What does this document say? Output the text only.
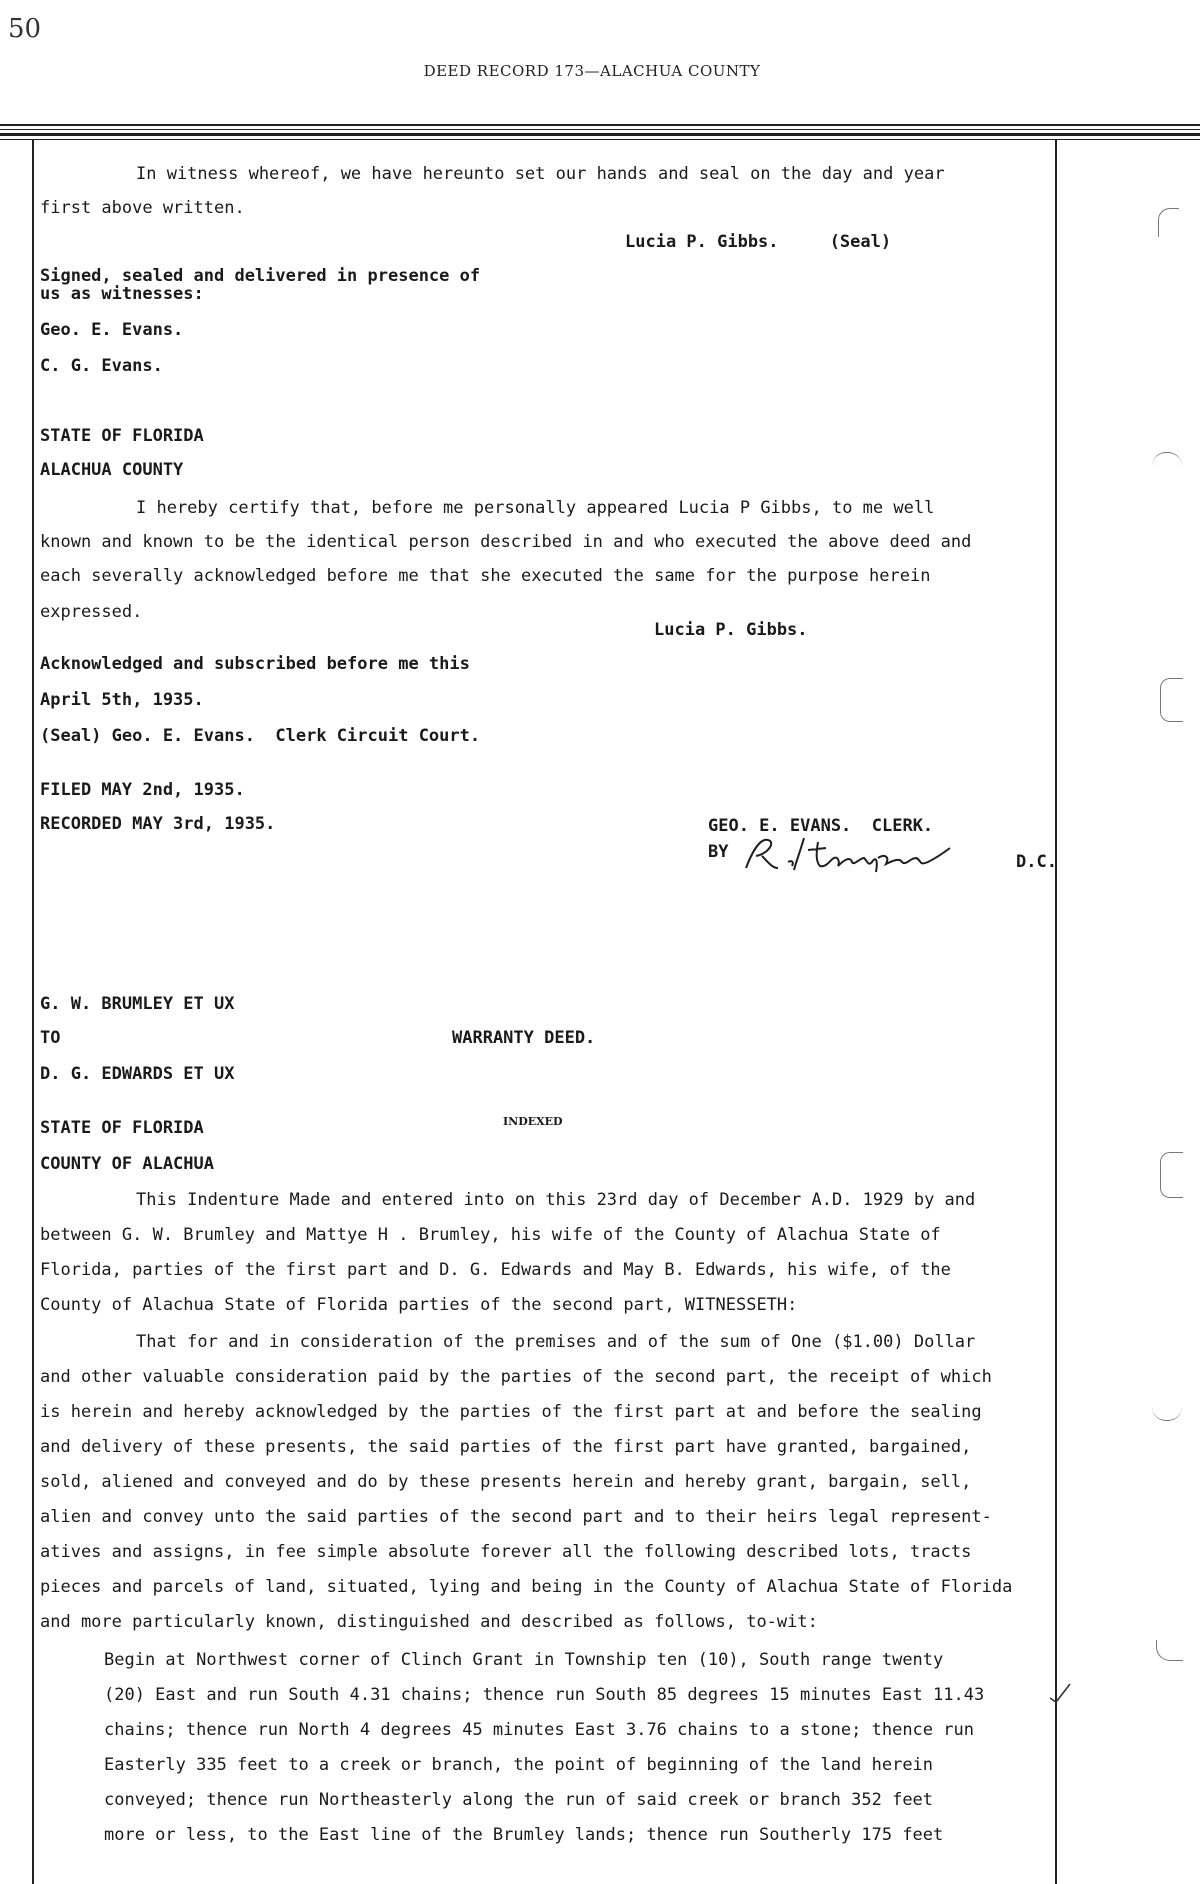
50
DEED RECORD 173—ALACHUA COUNTY
In witness whereof, we have hereunto set our hands and seal on the day and year
first above written.
Lucia P. Gibbs.     (Seal)
Signed, sealed and delivered in presence of
us as witnesses:
Geo. E. Evans.
C. G. Evans.
STATE OF FLORIDA
ALACHUA COUNTY
I hereby certify that, before me personally appeared Lucia P Gibbs, to me well
known and known to be the identical person described in and who executed the above deed and
each severally acknowledged before me that she executed the same for the purpose herein
expressed.
Lucia P. Gibbs.
Acknowledged and subscribed before me this
April 5th, 1935.
(Seal) Geo. E. Evans.  Clerk Circuit Court.
FILED MAY 2nd, 1935.
RECORDED MAY 3rd, 1935.	GEO. E. EVANS.  CLERK.
BY	D.C.
G. W. BRUMLEY ET UX
TO	WARRANTY DEED.
D. G. EDWARDS ET UX
STATE OF FLORIDA	INDEXED
COUNTY OF ALACHUA
This Indenture Made and entered into on this 23rd day of December A.D. 1929 by and
between G. W. Brumley and Mattye H . Brumley, his wife of the County of Alachua State of
Florida, parties of the first part and D. G. Edwards and May B. Edwards, his wife, of the
County of Alachua State of Florida parties of the second part, WITNESSETH:
That for and in consideration of the premises and of the sum of One ($1.00) Dollar
and other valuable consideration paid by the parties of the second part, the receipt of which
is herein and hereby acknowledged by the parties of the first part at and before the sealing
and delivery of these presents, the said parties of the first part have granted, bargained,
sold, aliened and conveyed and do by these presents herein and hereby grant, bargain, sell,
alien and convey unto the said parties of the second part and to their heirs legal represent-
atives and assigns, in fee simple absolute forever all the following described lots, tracts
pieces and parcels of land, situated, lying and being in the County of Alachua State of Florida
and more particularly known, distinguished and described as follows, to-wit:
Begin at Northwest corner of Clinch Grant in Township ten (10), South range twenty
(20) East and run South 4.31 chains; thence run South 85 degrees 15 minutes East 11.43
chains; thence run North 4 degrees 45 minutes East 3.76 chains to a stone; thence run
Easterly 335 feet to a creek or branch, the point of beginning of the land herein
conveyed; thence run Northeasterly along the run of said creek or branch 352 feet
more or less, to the East line of the Brumley lands; thence run Southerly 175 feet
